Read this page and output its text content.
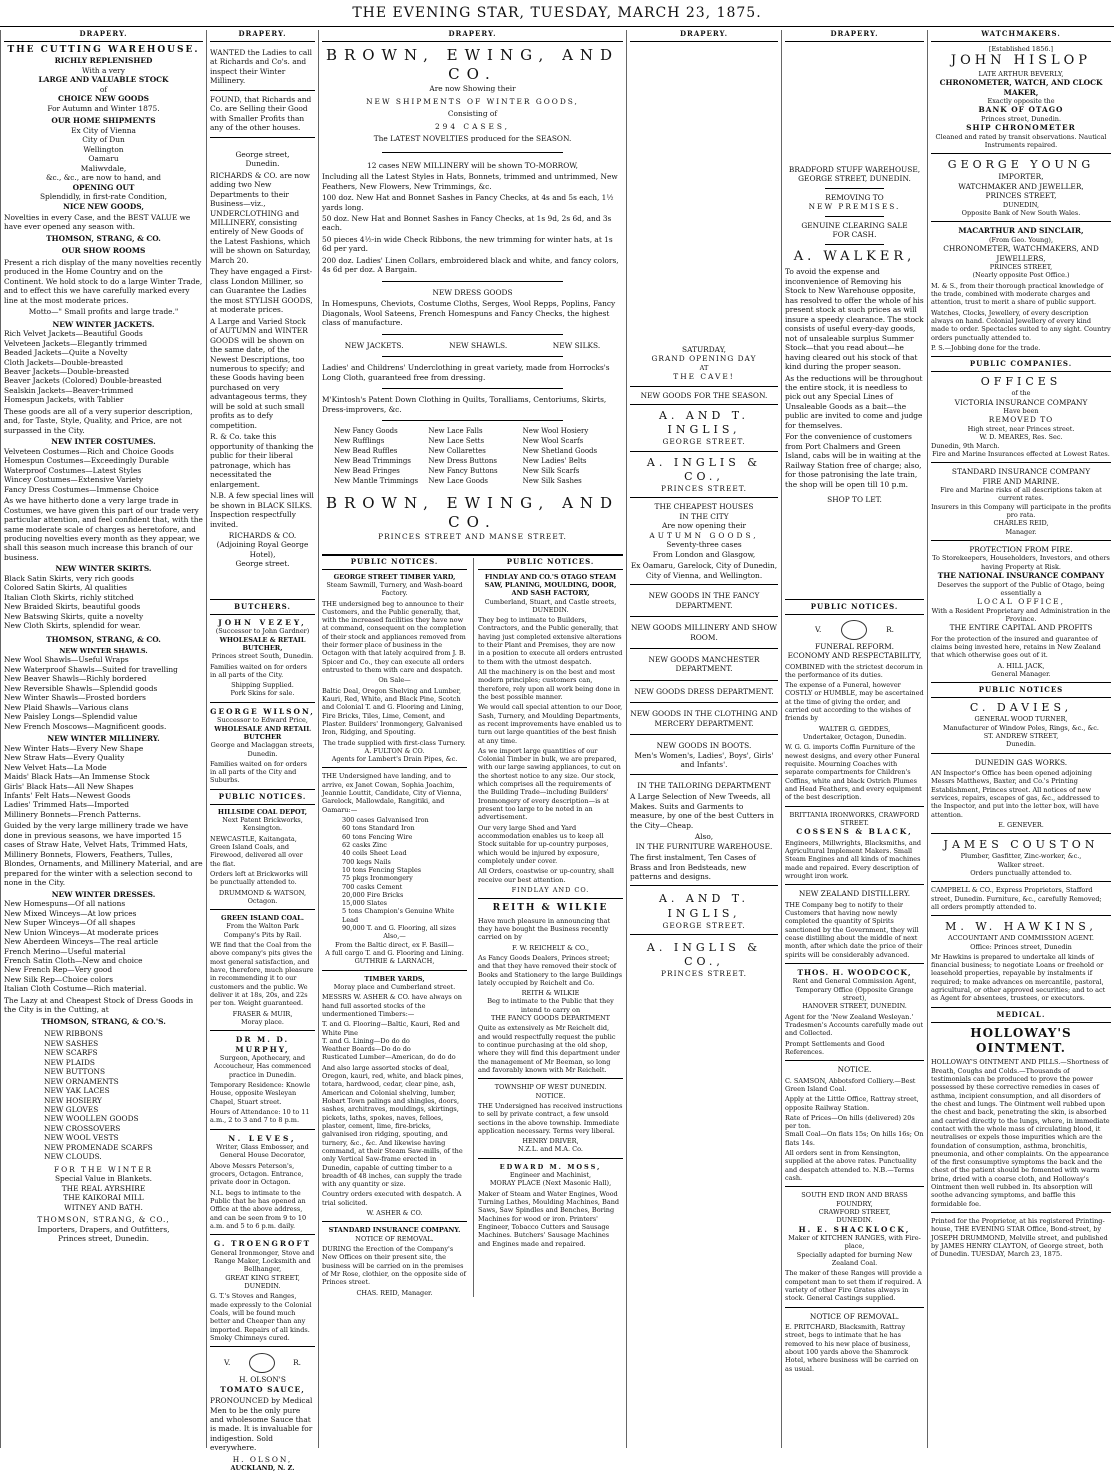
THE EVENING STAR, TUESDAY, MARCH 23, 1875.
DRAPERY.
THE CUTTING WAREHOUSE.
RICHLY REPLENISHED
With a very
LARGE AND VALUABLE STOCK
of
CHOICE NEW GOODS
For Autumn and Winter 1875.
OUR HOME SHIPMENTS
Ex City of Vienna
City of Dun
Wellington
Oamaru
Maliwvdale,
&c., &c., are now to hand, and
OPENING OUT
Splendidly, in first-rate Condition,
NICE NEW GOODS,

Novelties in every Case, and the BEST VALUE we have ever opened any season with.

THOMSON, STRANG, & CO.
OUR SHOW ROOMS

Present a rich display of the many novelties recently produced in the Home Country and on the Continent. We hold stock to do a large Winter Trade, and to effect this we have carefully marked every line at the most moderate prices.

Motto—" Small profits and large trade."
NEW WINTER JACKETS.
Rich Velvet Jackets—Beautiful Goods
Velveteen Jackets—Elegantly trimmed
Beaded Jackets—Quite a Novelty
Cloth Jackets—Double-breasted
Beaver Jackets—Double-breasted
Beaver Jackets (Colored) Double-breasted
Sealskin Jackets—Beaver-trimmed
Homespun Jackets, with Tablier

These goods are all of a very superior description, and, for Taste, Style, Quality, and Price, are not surpassed in the City.

NEW INTER COSTUMES.
Velveteen Costumes—Rich and Choice Goods
Homespun Costumes—Exceedingly Durable
Waterproof Costumes—Latest Styles
Wincey Costumes—Extensive Variety
Fancy Dress Costumes—Immense Choice

As we have hitherto done a very large trade in Costumes, we have given this part of our trade very particular attention, and feel confident that, with the same moderate scale of charges as heretofore, and producing novelties every month as they appear, we shall this season much increase this branch of our business.

NEW WINTER SKIRTS.
Black Satin Skirts, very rich goods
Colored Satin Skirts, Al qualities
Italian Cloth Skirts, richly stitched
New Braided Skirts, beautiful goods
New Batswing Skirts, quite a novelty
New Cloth Skirts, splendid for wear.
THOMSON, STRANG, & CO.
NEW WINTER SHAWLS.
New Wool Shawls—Useful Wraps
New Waterproof Shawls—Suited for travelling
New Beaver Shawls—Richly bordered
New Reversible Shawls—Splendid goods
New Winter Shawls—Frosted borders
New Plaid Shawls—Various clans
New Paisley Longs—Splendid value
New French Moscows—Magnificent goods.
NEW WINTER MILLINERY.
New Winter Hats—Every New Shape
New Straw Hats—Every Quality
New Velvet Hats—La Mode
Maids' Black Hats—An Immense Stock
Girls' Black Hats—All New Shapes
Infants' Felt Hats—Newest Goods
Ladies' Trimmed Hats—Imported
Millinery Bonnets—French Patterns.

Guided by the very large millinery trade we have done in previous seasons, we have imported 15 cases of Straw Hate, Velvet Hats, Trimmed Hats, Millinery Bonnets, Flowers, Feathers, Tulles, Blondes, Ornaments, and Millinery Material, and are prepared for the winter with a selection second to none in the City.

NEW WINTER DRESSES.
New Homespuns—Of all nations
New Mixed Winceys—At low prices
New Super Winceys—Of all shapes
New Union Winceys—At moderate prices
New Aberdeen Winceys—The real article
French Merino—Useful material
French Satin Cloth—New and choice
New French Rep—Very good
New Silk Rep—Choice colors
Italian Cloth Costume—Rich material.

The Lazy at and Cheapest Stock of Dress Goods in the City is in the Cutting, at

THOMSON, STRANG, & CO.'S.
NEW RIBBONS
NEW SASHES
NEW SCARFS
NEW PLAIDS
NEW BUTTONS
NEW ORNAMENTS
NEW YAK LACES
NEW HOSIERY
NEW GLOVES
NEW WOOLLEN GOODS
NEW CROSSOVERS
NEW WOOL VESTS
NEW PROMENADE SCARFS
NEW CLOUDS.
FOR THE WINTER
Special Value in Blankets.
THE REAL AYRSHIRE
THE KAIKORAI MILL
WITNEY AND BATH.
THOMSON, STRANG, & CO.,
Importers, Drapers, and Outfitters,
Princes street, Dunedin.
DRAPERY.

WANTED the Ladies to call at Richards and Co's. and inspect their Winter Millinery.

FOUND, that Richards and Co. are Selling their Good with Smaller Profits than any of the other houses.

George street,
Dunedin.

RICHARDS & CO. are now adding two New Departments to their Business—viz., UNDERCLOTHING and MILLINERY, consisting entirely of New Goods of the Latest Fashions, which will be shown on Saturday, March 20.

They have engaged a First-class London Milliner, so can Guarantee the Ladies the most STYLISH GOODS, at moderate prices.

A Large and Varied Stock of AUTUMN and WINTER GOODS will be shown on the same date, of the Newest Descriptions, too numerous to specify; and these Goods having been purchased on very advantageous terms, they will be sold at such small profits as to defy competition.

R. & Co. take this opportunity of thanking the public for their liberal patronage, which has necessitated the enlargement.

N.B. A few special lines will be shown in BLACK SILKS. Inspection respectfully invited.

RICHARDS & CO.
(Adjoining Royal George Hotel),
George street.
BUTCHERS.
JOHN VEZEY,
(Successor to John Gardner)
WHOLESALE & RETAIL BUTCHER,
Princes street South, Dunedin.

Families waited on for orders in all parts of the City.

Shipping Supplied.
Pork Skins for sale.
GEORGE WILSON,
Successor to Edward Price,
WHOLESALE AND RETAIL BUTCHER
George and Maclaggan streets, Dunedin.

Families waited on for orders in all parts of the City and Suburbs.

PUBLIC NOTICES.
HILLSIDE COAL DEPOT,
Next Patent Brickworks, Kensington.

NEWCASTLE, Kaitangata, Green Island Coals, and Firewood, delivered all over the flat.

Orders left at Brickworks will be punctually attended to.

DRUMMOND & WATSON,
Octagon.
GREEN ISLAND COAL.
From the Walton Park Company's Pits by Rail.

WE find that the Coal from the above company's pits gives the most general satisfaction, and have, therefore, much pleasure in recommending it to our customers and the public. We deliver it at 18s, 20s, and 22s per ton. Weight guaranteed.

FRASER & MUIR,
Moray place.
DR M. D. MURPHY,
Surgeon, Apothecary, and Accoucheur, Has commenced practice in Dunedin.

Temporary Residence: Knowle House, opposite Wesleyan Chapel, Stuart street.

Hours of Attendance: 10 to 11 a.m., 2 to 3 and 7 to 8 p.m.

N. LEVES,
Writer, Glass Embosser, and General House Decorator,

Above Messrs Peterson's, grocers, Octagon. Entrance, private door in Octagon.

N.L. begs to intimate to the Public that he has opened an Office at the above address, and can be seen from 9 to 10 a.m. and 5 to 6 p.m. daily.

G. TROENGROFT
General Ironmonger, Stove and Range Maker, Locksmith and Bellhanger,
GREAT KING STREET, DUNEDIN.

G. T.'s Stoves and Ranges, made expressly to the Colonial Coals, will be found much better and Cheaper than any imported. Repairs of all kinds. Smoky Chimneys cured.

V.	R.
H. OLSON'S
TOMATO SAUCE,

PRONOUNCED by Medical Men to be the only pure and wholesome Sauce that is made. It is invaluable for indigestion. Sold everywhere.

H. OLSON,
AUCKLAND, N. Z.
DRAPERY.
BROWN, EWING, AND CO.
Are now Showing their
NEW SHIPMENTS OF WINTER GOODS,
Consisting of
294 CASES,
The LATEST NOVELTIES produced for the SEASON.
12 cases NEW MILLINERY will be shown TO-MORROW,

Including all the Latest Styles in Hats, Bonnets, trimmed and untrimmed, New Feathers, New Flowers, New Trimmings, &c.

100 doz. New Hat and Bonnet Sashes in Fancy Checks, at 4s and 5s each, 1½ yards long.

50 doz. New Hat and Bonnet Sashes in Fancy Checks, at 1s 9d, 2s 6d, and 3s each.

50 pieces 4½-in wide Check Ribbons, the new trimming for winter hats, at 1s 6d per yard.

200 doz. Ladies' Linen Collars, embroidered black and white, and fancy colors, 4s 6d per doz. A Bargain.

NEW DRESS GOODS

In Homespuns, Cheviots, Costume Cloths, Serges, Wool Repps, Poplins, Fancy Diagonals, Wool Sateens, French Homespuns and Fancy Checks, the highest class of manufacture.

NEW JACKETS.	NEW SHAWLS.	NEW SILKS.

Ladies' and Childrens' Underclothing in great variety, made from Horrocks's Long Cloth, guaranteed free from dressing.

M'Kintosh's Patent Down Clothing in Quilts, Toralliams, Centoriums, Skirts, Dress-improvers, &c.

New Fancy Goods	New Lace Falls	New Wool Hosiery
New Rufflings	New Lace Setts	New Wool Scarfs
New Bead Ruffles	New Collarettes	New Shetland Goods
New Bead Trimmings	New Dress Buttons	New Ladies' Belts
New Bead Fringes	New Fancy Buttons	New Silk Scarfs
New Mantle Trimmings	New Lace Goods	New Silk Sashes
BROWN, EWING, AND CO.
PRINCES STREET AND MANSE STREET.
PUBLIC NOTICES.
GEORGE STREET TIMBER YARD,
Steam Sawmill, Turnery, and Wash-board Factory.

THE undersigned beg to announce to their Customers, and the Public generally, that, with the increased facilities they have now at command, consequent on the completion of their stock and appliances removed from their former place of business in the Octagon with that lately acquired from J. B. Spicer and Co., they can execute all orders entrusted to them with care and despatch.

On Sale—

Baltic Deal, Oregon Shelving and Lumber, Kauri, Red, White, and Black Pine, Scotch and Colonial T. and G. Flooring and Lining, Fire Bricks, Tiles, Lime, Cement, and Plaster. Builders' Ironmongery, Galvanised Iron, Ridging, and Spouting.

The trade supplied with first-class Turnery.
A. FULTON & CO.
Agents for Lambert's Drain Pipes, &c.

THE Undersigned have landing, and to arrive, ex Janet Cowan, Sophia Joachim, Jeannie Louttit, Candidate, City of Vienna, Garelock, Mallowdale, Rangitiki, and Oamaru:—

300 cases Galvanised Iron
60 tons Standard Iron
60 tons Fencing Wire
62 casks Zinc
40 coils Sheet Lead
700 kegs Nails
10 tons Fencing Staples
75 pkgs Ironmongery
700 casks Cement
20,000 Fire Bricks
15,000 Slates
5 tons Champion's Genuine White Lead
90,000 T. and G. Flooring, all sizes
Also,—
From the Baltic direct, ex F. Basill—
A full cargo T. and G. Flooring and Lining.
GUTHRIE & LARNACH,
TIMBER YARDS,
Moray place and Cumberland street.

MESSRS W. ASHER & CO. have always on hand full assorted stocks of the undermentioned Timbers:—

T. and G. Flooring—Baltic, Kauri, Red and White Pine
T. and G. Lining—Do do do
Weather Boards—Do do do
Rusticated Lumber—American, do do do

And also large assorted stocks of deal, Oregon, kauri, red, white, and black pines, totara, hardwood, cedar, clear pine, ash, American and Colonial shelving, lumber, Hobart Town palings and shingles, doors, sashes, architraves, mouldings, skirtings, pickets, laths, spokes, naves, felloes, plaster, cement, lime, fire-bricks, galvanised iron ridging, spouting, and turnery, &c., &c. And likewise having command, at their Steam Saw-mills, of the only Vertical Saw-frame erected in Dunedin, capable of cutting timber to a breadth of 48 inches, can supply the trade with any quantity or size.

Country orders executed with despatch. A trial solicited.

W. ASHER & CO.
STANDARD INSURANCE COMPANY.
NOTICE OF REMOVAL.

DURING the Erection of the Company's New Offices on their present site, the business will be carried on in the premises of Mr Rose, clothier, on the opposite side of Princes street.

CHAS. REID, Manager.
PUBLIC NOTICES.
FINDLAY AND CO.'S OTAGO STEAM SAW, PLANING, MOULDING, DOOR, AND SASH FACTORY,
Cumberland, Stuart, and Castle streets,
DUNEDIN.

They beg to intimate to Builders, Contractors, and the Public generally, that having just completed extensive alterations to their Plant and Premises, they are now in a position to execute all orders entrusted to them with the utmost despatch.

All the machinery is on the best and most modern principles; customers can, therefore, rely upon all work being done in the best possible manner.

We would call special attention to our Door, Sash, Turnery, and Moulding Departments, as recent improvements have enabled us to turn out large quantities of the best finish at any time.

As we import large quantities of our Colonial Timber in bulk, we are prepared, with our large sawing appliances, to cut on the shortest notice to any size. Our stock, which comprises all the requirements of the Building Trade—including Builders' Ironmongery of every description—is at present too large to be noted in an advertisement.

Our very large Shed and Yard accommodation enables us to keep all Stock suitable for up-country purposes, which would be injured by exposure, completely under cover.

All Orders, coastwise or up-country, shall receive our best attention.

FINDLAY AND CO.
REITH & WILKIE

Have much pleasure in announcing that they have bought the Business recently carried on by

F. W. REICHELT & CO.,

As Fancy Goods Dealers, Princes street; and that they have removed their stock of Books and Stationery to the large Buildings lately occupied by Reichelt and Co.

REITH & WILKIE
Beg to intimate to the Public that they intend to carry on
THE FANCY GOODS DEPARTMENT

Quite as extensively as Mr Reichelt did, and would respectfully request the public to continue purchasing at the old shop, where they will find this department under the management of Mr Beeman, so long and favorably known with Mr Reichelt.

TOWNSHIP OF WEST DUNEDIN.
NOTICE.

THE Undersigned has received instructions to sell by private contract, a few unsold sections in the above township. Immediate application necessary. Terms very liberal.

HENRY DRIVER,
N.Z.L. and M.A. Co.
EDWARD M. MOSS,
Engineer and Machinist,
MORAY PLACE (Next Masonic Hall),

Maker of Steam and Water Engines, Wood Turning Lathes, Moulding Machines, Band Saws, Saw Spindles and Benches, Boring Machines for wood or iron. Printers' Engineer, Tobacco Cutters and Sausage Machines. Butchers' Sausage Machines and Engines made and repaired.

DRAPERY.
SATURDAY,
GRAND OPENING DAY
AT
THE CAVE!
NEW GOODS FOR THE SEASON.
A. AND T. INGLIS,
GEORGE STREET.
A. INGLIS & CO.,
PRINCES STREET.
THE CHEAPEST HOUSES
IN THE CITY
Are now opening their
AUTUMN GOODS,
Seventy-three cases
From London and Glasgow,

Ex Oamaru, Garelock, City of Dunedin, City of Vienna, and Wellington.

NEW GOODS IN THE FANCY DEPARTMENT.
NEW GOODS MILLINERY AND SHOW ROOM.
NEW GOODS MANCHESTER DEPARTMENT.
NEW GOODS DRESS DEPARTMENT.
NEW GOODS IN THE CLOTHING AND MERCERY DEPARTMENT.
NEW GOODS IN BOOTS.
Men's Women's, Ladies', Boys', Girls' and Infants'.
IN THE TAILORING DEPARTMENT

A Large Selection of New Tweeds, all Makes. Suits and Garments to measure, by one of the best Cutters in the City—Cheap.

Also,
IN THE FURNITURE WAREHOUSE.

The first instalment, Ten Cases of Brass and Iron Bedsteads, new patterns and designs.

A. AND T. INGLIS,
GEORGE STREET.
A. INGLIS & CO.,
PRINCES STREET.
DRAPERY.
BRADFORD STUFF WAREHOUSE,
GEORGE STREET, DUNEDIN.
REMOVING TO
NEW PREMISES.
GENUINE CLEARING SALE
FOR CASH.
A. WALKER,

To avoid the expense and inconvenience of Removing his Stock to New Warehouse opposite, has resolved to offer the whole of his present stock at such prices as will insure a speedy clearance. The stock consists of useful every-day goods, not of unsaleable surplus Summer Stock—that you read about—he having cleared out his stock of that kind during the proper season.

As the reductions will be throughout the entire stock, it is needless to pick out any Special Lines of Unsaleable Goods as a bait—the public are invited to come and judge for themselves.

For the convenience of customers from Port Chalmers and Green Island, cabs will be in waiting at the Railway Station free of charge; also, for those patronising the late train, the shop will be open till 10 p.m.

SHOP TO LET.
PUBLIC NOTICES.
V.	R.
FUNERAL REFORM.
ECONOMY AND RESPECTABILITY,

COMBINED with the strictest decorum in the performance of its duties.

The expense of a Funeral, however COSTLY or HUMBLE, may be ascertained at the time of giving the order, and carried out according to the wishes of friends by

WALTER G. GEDDES,
Undertaker, Octagon, Dunedin.

W. G. G. imports Coffin Furniture of the newest designs, and every other Funeral requisite. Mourning Coaches with separate compartments for Children's Coffins, white and black Ostrich Plumes and Head Feathers, and every equipment of the best description.

BRITTANIA IRONWORKS, CRAWFORD STREET.
COSSENS & BLACK,

Engineers, Millwrights, Blacksmiths, and Agricultural Implement Makers. Small Steam Engines and all kinds of machines made and repaired. Every description of wrought iron work.

NEW ZEALAND DISTILLERY.

THE Company beg to notify to their Customers that having now newly completed the quantity of Spirits sanctioned by the Government, they will cease distilling about the middle of next month, after which date the price of their spirits will be considerably advanced.

THOS. H. WOODCOCK,
Rent and General Commission Agent, Temporary Office (Opposite Grange street),
HANOVER STREET, DUNEDIN.

Agent for the 'New Zealand Wesleyan.' Tradesmen's Accounts carefully made out and Collected.

Prompt Settlements and Good References.
NOTICE.

C. SAMSON, Abbotsford Colliery.—Best Green Island Coal.

Apply at the Little Office, Rattray street, opposite Railway Station.

Rate of Prices—On hills (delivered) 20s per ton.
Small Coal—On flats 15s; On hills 16s; On flats 14s.

All orders sent in from Kensington, supplied at the above rates. Punctuality and despatch attended to. N.B.—Terms cash.

SOUTH END IRON AND BRASS FOUNDRY,
CRAWFORD STREET,
DUNEDIN.
H. E. SHACKLOCK,
Maker of KITCHEN RANGES, with Fire-place,
Specially adapted for burning New Zealand Coal.

The maker of these Ranges will provide a competent man to set them if required. A variety of other Fire Grates always in stock. General Castings supplied.

NOTICE OF REMOVAL.

E. PRITCHARD, Blacksmith, Rattray street, begs to intimate that he has removed to his new place of business, about 100 yards above the Shamrock Hotel, where business will be carried on as usual.

WATCHMAKERS.
[Established 1856.]
JOHN HISLOP
LATE ARTHUR BEVERLY,
CHRONOMETER, WATCH, AND CLOCK MAKER,
Exactly opposite the
BANK OF OTAGO
Princes street, Dunedin.
SHIP CHRONOMETER
Cleaned and rated by transit observations. Nautical Instruments repaired.
GEORGE YOUNG
IMPORTER,
WATCHMAKER AND JEWELLER,
PRINCES STREET,
DUNEDIN,
Opposite Bank of New South Wales.
MACARTHUR AND SINCLAIR,
(From Geo. Young),
CHRONOMETER, WATCHMAKERS, AND JEWELLERS,
PRINCES STREET,
(Nearly opposite Post Office.)

M. & S., from their thorough practical knowledge of the trade, combined with moderate charges and attention, trust to merit a share of public support.

Watches, Clocks, Jewellery, of every description always on hand. Colonial Jewellery of every kind made to order. Spectacles suited to any sight. Country orders punctually attended to.

P. S.—Jobbing done for the trade.
PUBLIC COMPANIES.
OFFICES
of the
VICTORIA INSURANCE COMPANY
Have been
REMOVED TO
High street, near Princes street.
W. D. MEARES, Res. Sec.
Dunedin, 9th March.
Fire and Marine Insurances effected at Lowest Rates.
STANDARD INSURANCE COMPANY
FIRE AND MARINE.
Fire and Marine risks of all descriptions taken at current rates.
Insurers in this Company will participate in the profits pro rata.
CHARLES REID,
Manager.
PROTECTION FROM FIRE.
To Storekeepers, Householders, Investors, and others having Property at Risk.
THE NATIONAL INSURANCE COMPANY
Deserves the support of the Public of Otago, being essentially a
LOCAL OFFICE,
With a Resident Proprietary and Administration in the Province.
THE ENTIRE CAPITAL AND PROFITS

For the protection of the insured and guarantee of claims being invested here, retains in New Zealand that which otherwise goes out of it.

A. HILL JACK,
General Manager.
PUBLIC NOTICES
C. DAVIES,
GENERAL WOOD TURNER,
Manufacturer of Window Poles, Rings, &c., &c.
ST. ANDREW STREET,
Dunedin.
DUNEDIN GAS WORKS.

AN Inspector's Office has been opened adjoining Messrs Matthews, Baxter, and Co.'s Printing Establishment, Princes street. All notices of new services, repairs, escapes of gas, &c., addressed to the Inspector, and put into the letter box, will have attention.

E. GENEVER.
JAMES COUSTON
Plumber, Gasfitter, Zinc-worker, &c.,
Walker street.
Orders punctually attended to.

CAMPBELL & CO., Express Proprietors, Stafford street, Dunedin. Furniture, &c., carefully Removed; all orders promptly attended to.

M. W. HAWKINS,
ACCOUNTANT AND COMMISSION AGENT.
Office: Princes street, Dunedin

Mr Hawkins is prepared to undertake all kinds of financial business; to negotiate Loans or freehold or leasehold properties, repayable by instalments if required; to make advances on mercantile, pastoral, agricultural, or other approved securities; and to act as Agent for absentees, trustees, or executors.

MEDICAL.
HOLLOWAY'S OINTMENT.

HOLLOWAY'S OINTMENT AND PILLS.—Shortness of Breath, Coughs and Colds.—Thousands of testimonials can be produced to prove the power possessed by these corrective remedies in cases of asthma, incipient consumption, and all disorders of the chest and lungs. The Ointment well rubbed upon the chest and back, penetrating the skin, is absorbed and carried directly to the lungs, where, in immediate contact with the whole mass of circulating blood, it neutralises or expels those impurities which are the foundation of consumption, asthma, bronchitis, pneumonia, and other complaints. On the appearance of the first consumptive symptoms the back and the chest of the patient should be fomented with warm brine, dried with a coarse cloth, and Holloway's Ointment then well rubbed in. Its absorption will soothe advancing symptoms, and baffle this formidable foe.

Printed for the Proprietor, at his registered Printing-house, THE EVENING STAR Office, Bond-street, by JOSEPH DRUMMOND, Melville street, and published by JAMES HENRY CLAYTON, of George street, both of Dunedin. TUESDAY, March 23, 1875.
